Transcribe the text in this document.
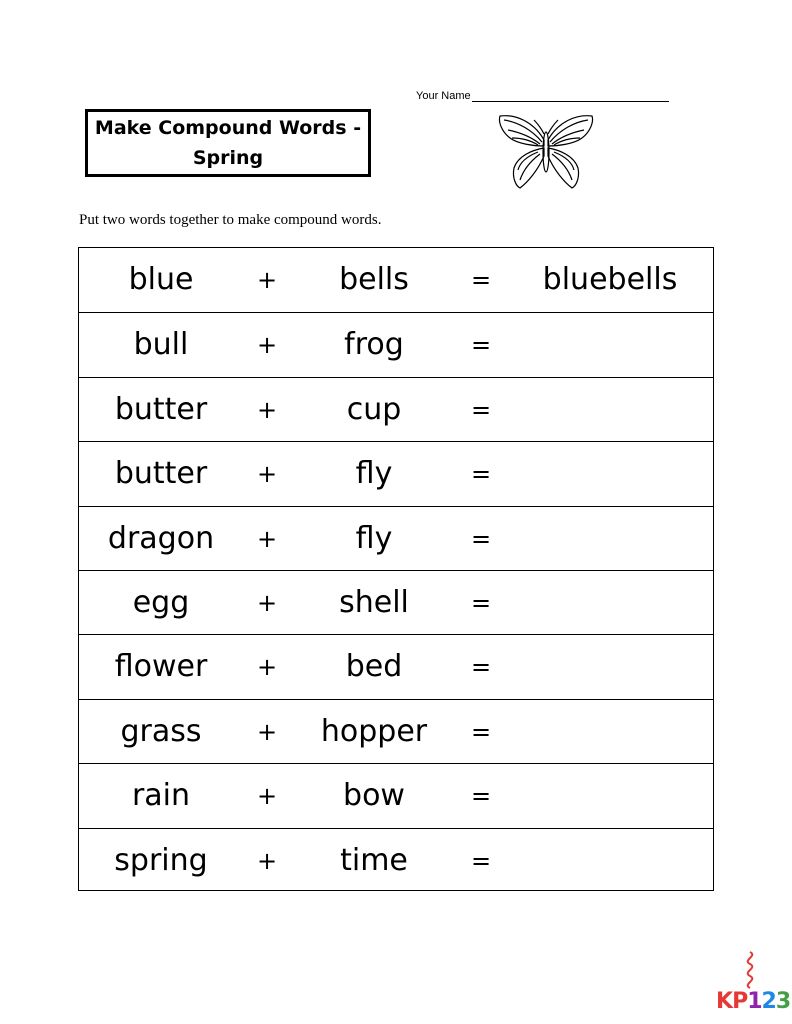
Your Name
Make Compound Words -
Spring
Put two words together to make compound words.
blue	+	bells	=	bluebells
bull	+	frog	=
butter	+	cup	=
butter	+	fly	=
dragon	+	fly	=
egg	+	shell	=
flower	+	bed	=
grass	+	hopper	=
rain	+	bow	=
spring	+	time	=
KP123
